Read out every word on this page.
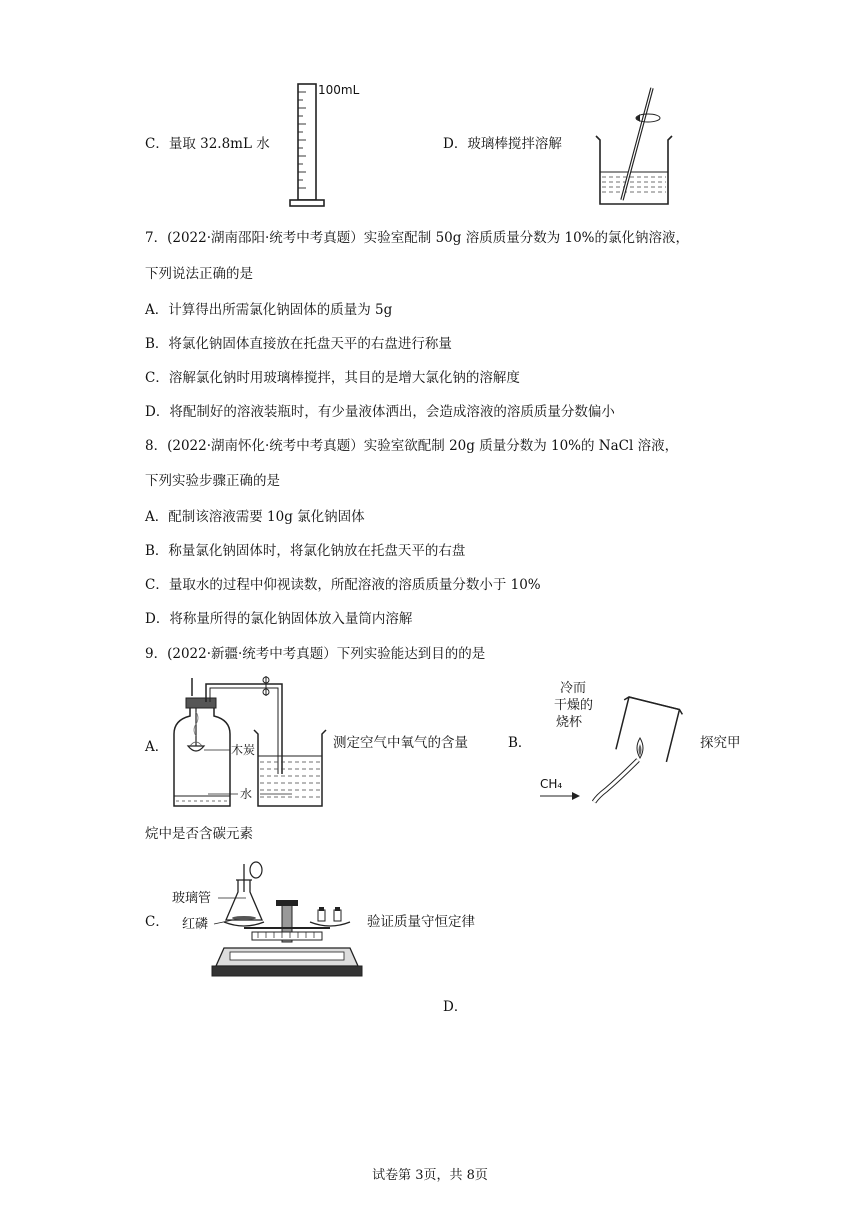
C．量取 32.8mL 水
100mL
D．玻璃棒搅拌溶解
7．(2022·湖南邵阳·统考中考真题）实验室配制 50g 溶质质量分数为 10%的氯化钠溶液，
下列说法正确的是
A．计算得出所需氯化钠固体的质量为 5g
B．将氯化钠固体直接放在托盘天平的右盘进行称量
C．溶解氯化钠时用玻璃棒搅拌，其目的是增大氯化钠的溶解度
D．将配制好的溶液装瓶时，有少量液体洒出，会造成溶液的溶质质量分数偏小
8．(2022·湖南怀化·统考中考真题）实验室欲配制 20g 质量分数为 10%的 NaCl 溶液，
下列实验步骤正确的是
A．配制该溶液需要 10g 氯化钠固体
B．称量氯化钠固体时，将氯化钠放在托盘天平的右盘
C．量取水的过程中仰视读数，所配溶液的溶质质量分数小于 10%
D．将称量所得的氯化钠固体放入量筒内溶解
9．(2022·新疆·统考中考真题）下列实验能达到目的的是
A．	木炭
水
测定空气中氧气的含量	B．
冷而
干燥的
烧杯
CH₄
探究甲
烷中是否含碳元素
C．
玻璃管
红磷	验证质量守恒定律
D．
试卷第 3页，共 8页
